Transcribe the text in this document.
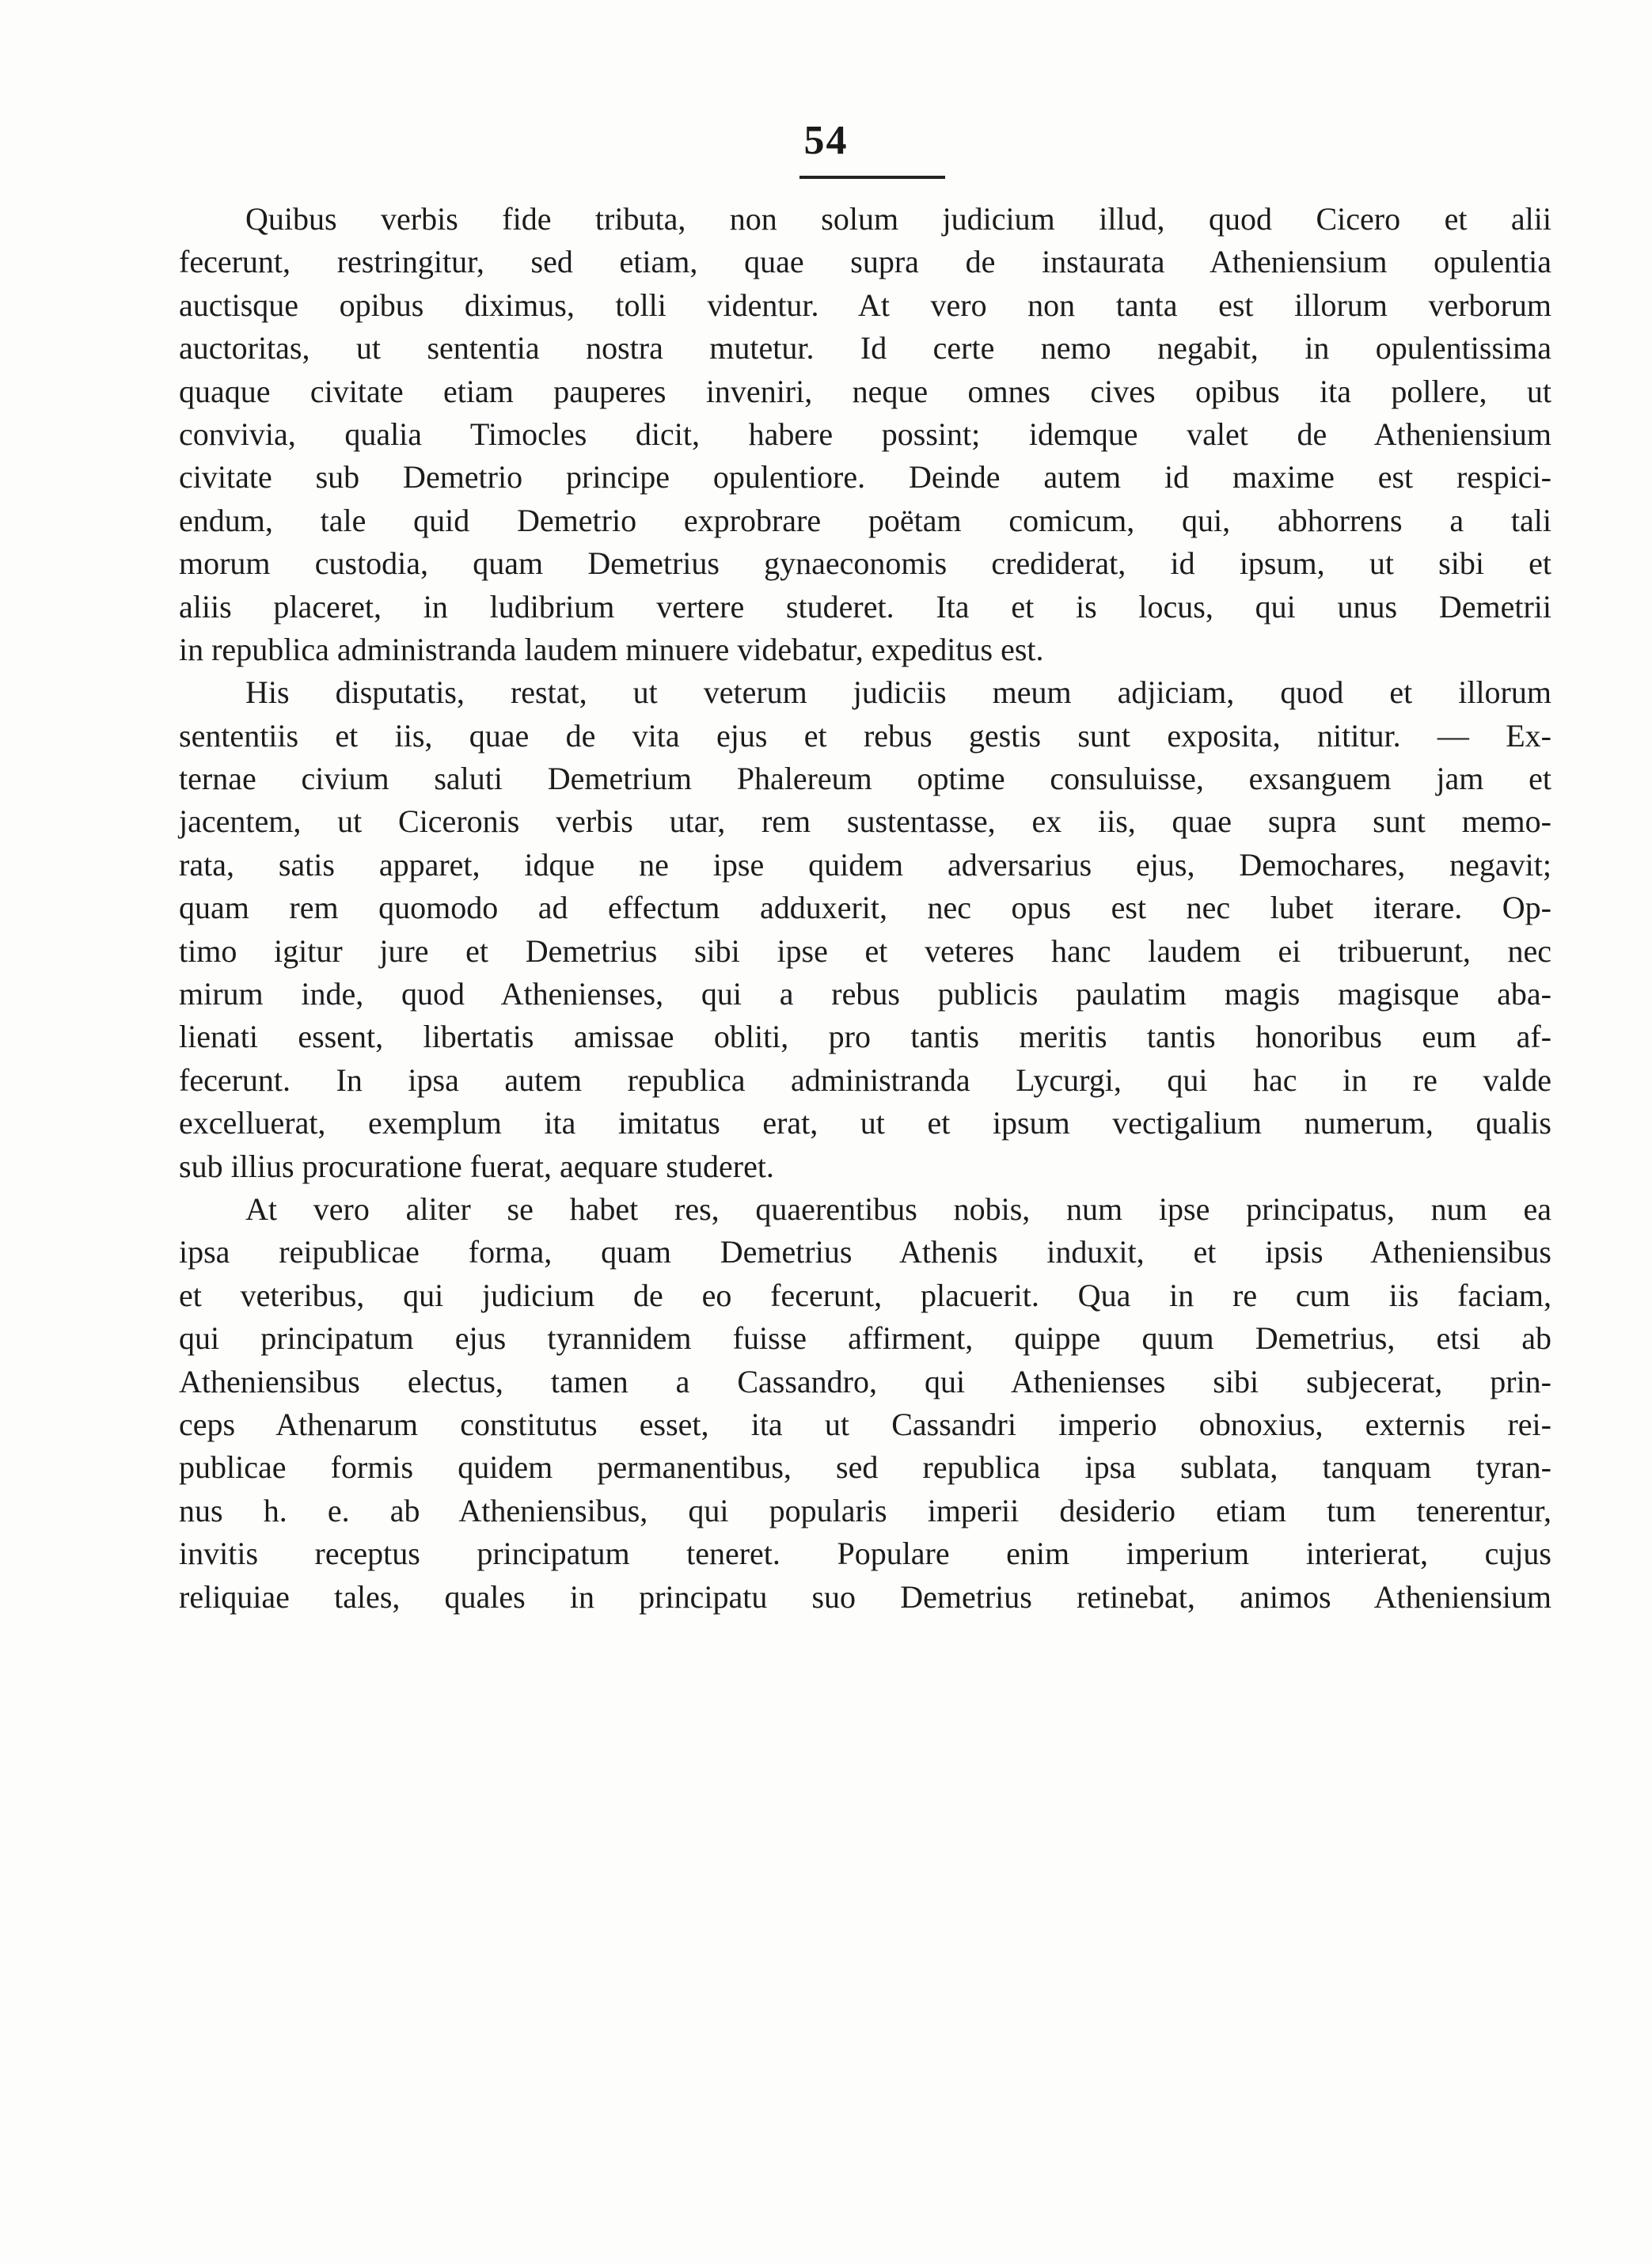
54
Quibus verbis fide tributa, non solum judicium illud, quod Cicero et alii
fecerunt, restringitur, sed etiam, quae supra de instaurata Atheniensium opulentia
auctisque opibus diximus, tolli videntur. At vero non tanta est illorum verborum
auctoritas, ut sententia nostra mutetur. Id certe nemo negabit, in opulentissima
quaque civitate etiam pauperes inveniri, neque omnes cives opibus ita pollere, ut
convivia, qualia Timocles dicit, habere possint; idemque valet de Atheniensium
civitate sub Demetrio principe opulentiore. Deinde autem id maxime est respici-
endum, tale quid Demetrio exprobrare poëtam comicum, qui, abhorrens a tali
morum custodia, quam Demetrius gynaeconomis crediderat, id ipsum, ut sibi et
aliis placeret, in ludibrium vertere studeret. Ita et is locus, qui unus Demetrii
in republica administranda laudem minuere videbatur, expeditus est.
His disputatis, restat, ut veterum judiciis meum adjiciam, quod et illorum
sententiis et iis, quae de vita ejus et rebus gestis sunt exposita, nititur. — Ex-
ternae civium saluti Demetrium Phalereum optime consuluisse, exsanguem jam et
jacentem, ut Ciceronis verbis utar, rem sustentasse, ex iis, quae supra sunt memo-
rata, satis apparet, idque ne ipse quidem adversarius ejus, Demochares, negavit;
quam rem quomodo ad effectum adduxerit, nec opus est nec lubet iterare. Op-
timo igitur jure et Demetrius sibi ipse et veteres hanc laudem ei tribuerunt, nec
mirum inde, quod Athenienses, qui a rebus publicis paulatim magis magisque aba-
lienati essent, libertatis amissae obliti, pro tantis meritis tantis honoribus eum af-
fecerunt. In ipsa autem republica administranda Lycurgi, qui hac in re valde
excelluerat, exemplum ita imitatus erat, ut et ipsum vectigalium numerum, qualis
sub illius procuratione fuerat, aequare studeret.
At vero aliter se habet res, quaerentibus nobis, num ipse principatus, num ea
ipsa reipublicae forma, quam Demetrius Athenis induxit, et ipsis Atheniensibus
et veteribus, qui judicium de eo fecerunt, placuerit. Qua in re cum iis faciam,
qui principatum ejus tyrannidem fuisse affirment, quippe quum Demetrius, etsi ab
Atheniensibus electus, tamen a Cassandro, qui Athenienses sibi subjecerat, prin-
ceps Athenarum constitutus esset, ita ut Cassandri imperio obnoxius, externis rei-
publicae formis quidem permanentibus, sed republica ipsa sublata, tanquam tyran-
nus h. e. ab Atheniensibus, qui popularis imperii desiderio etiam tum tenerentur,
invitis receptus principatum teneret. Populare enim imperium interierat, cujus
reliquiae tales, quales in principatu suo Demetrius retinebat, animos Atheniensium
